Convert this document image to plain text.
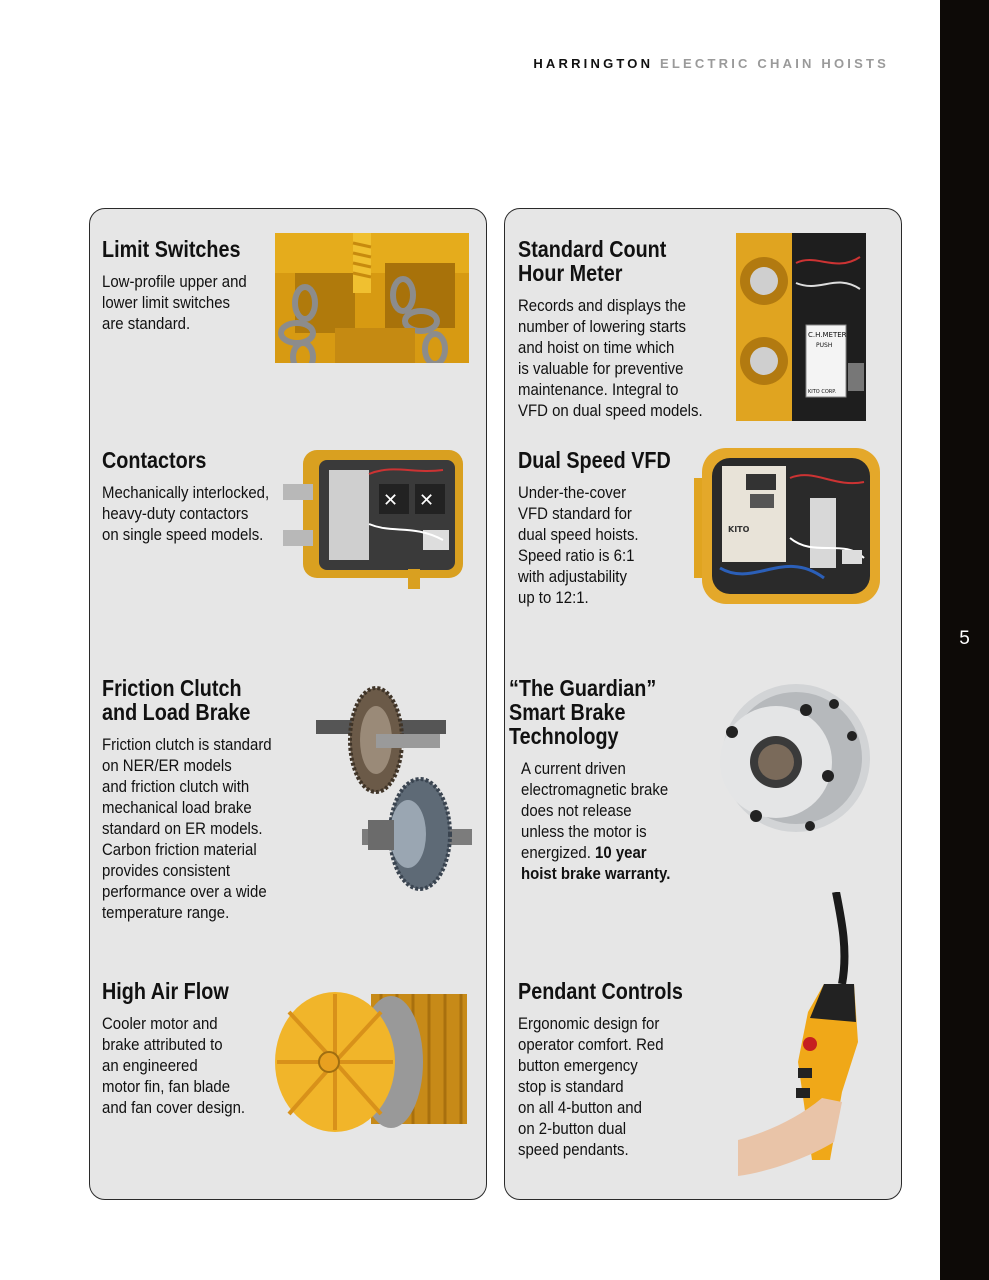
5
HARRINGTON ELECTRIC CHAIN HOISTS
Limit Switches

Low-profile upper and
lower limit switches
are standard.

Contactors

Mechanically interlocked,
heavy-duty contactors
on single speed models.

✕ ✕
Friction Clutch
and Load Brake

Friction clutch is standard
on NER/ER models
and friction clutch with
mechanical load brake
standard on ER models.
Carbon friction material
provides consistent
performance over a wide
temperature range.

High Air Flow

Cooler motor and
brake attributed to
an engineered
motor fin, fan blade
and fan cover design.

Standard Count
Hour Meter

Records and displays the
number of lowering starts
and hoist on time which
is valuable for preventive
maintenance. Integral to
VFD on dual speed models.

C.H.METER
PUSH
KITO CORP.
Dual Speed VFD

Under-the-cover
VFD standard for
dual speed hoists.
Speed ratio is 6:1
with adjustability
up to 12:1.

KITO
“The Guardian”
Smart Brake
Technology

A current driven
electromagnetic brake
does not release
unless the motor is
energized. 10 year
hoist brake warranty.

Pendant Controls

Ergonomic design for
operator comfort. Red
button emergency
stop is standard
on all 4-button and
on 2-button dual
speed pendants.
